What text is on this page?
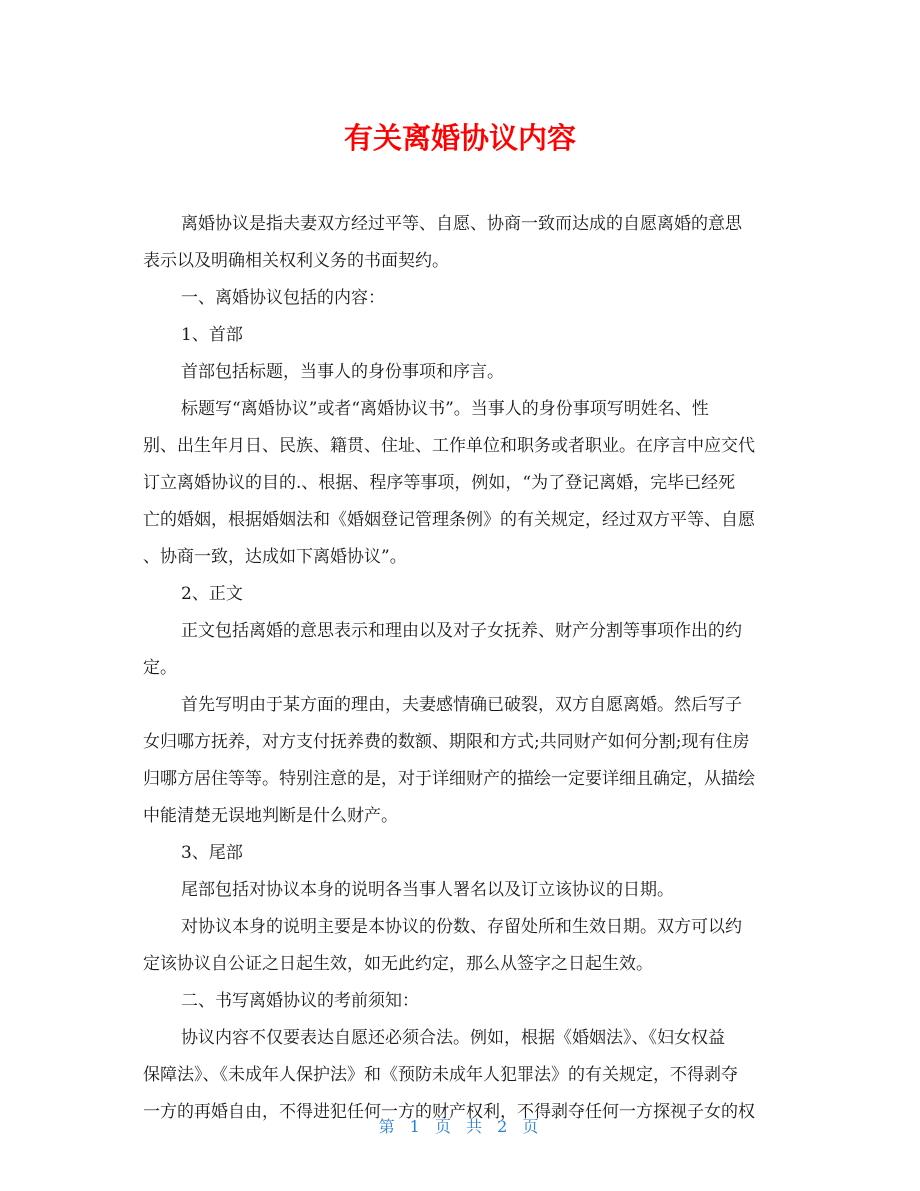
有关离婚协议内容
离婚协议是指夫妻双方经过平等、自愿、协商一致而达成的自愿离婚的意思
表示以及明确相关权利义务的书面契约。
一、离婚协议包括的内容：
1、首部
首部包括标题，当事人的身份事项和序言。
标题写“离婚协议”或者“离婚协议书”。当事人的身份事项写明姓名、性
别、出生年月日、民族、籍贯、住址、工作单位和职务或者职业。在序言中应交代
订立离婚协议的目的.、根据、程序等事项，例如，“为了登记离婚，完毕已经死
亡的婚姻，根据婚姻法和《婚姻登记管理条例》的有关规定，经过双方平等、自愿
、协商一致，达成如下离婚协议”。
2、正文
正文包括离婚的意思表示和理由以及对子女抚养、财产分割等事项作出的约
定。
首先写明由于某方面的理由，夫妻感情确已破裂，双方自愿离婚。然后写子
女归哪方抚养，对方支付抚养费的数额、期限和方式;共同财产如何分割;现有住房
归哪方居住等等。特别注意的是，对于详细财产的描绘一定要详细且确定，从描绘
中能清楚无误地判断是什么财产。
3、尾部
尾部包括对协议本身的说明各当事人署名以及订立该协议的日期。
对协议本身的说明主要是本协议的份数、存留处所和生效日期。双方可以约
定该协议自公证之日起生效，如无此约定，那么从签字之日起生效。
二、书写离婚协议的考前须知：
协议内容不仅要表达自愿还必须合法。例如，根据《婚姻法》、《妇女权益
保障法》、《未成年人保护法》和《预防未成年人犯罪法》的有关规定，不得剥夺
一方的再婚自由，不得进犯任何一方的财产权利，不得剥夺任何一方探视子女的权
第 1 页 共 2 页
